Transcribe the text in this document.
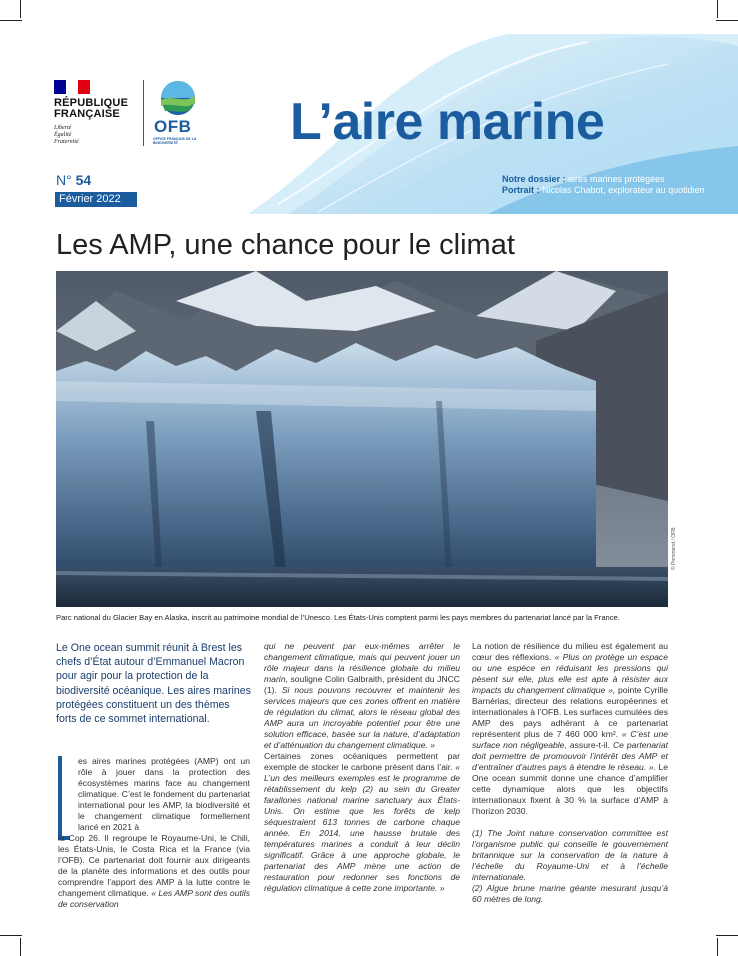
RÉPUBLIQUE FRANÇAISE
Liberté
Égalité
Fraternité
OFB
OFFICE FRANÇAIS DE LA BIODIVERSITÉ	L’aire marine
N° 54
Février 2022
Notre dossier : aires marines protégées
Portrait : Nicolas Chabot, explorateur au quotidien
Les AMP, une chance pour le climat
© Pommeret / OFB
Parc national du Glacier Bay en Alaska, inscrit au patrimoine mondial de l’Unesco. Les États-Unis comptent parmi les pays membres du partenariat lancé par la France.
Le One ocean summit réunit à Brest les chefs d’État autour d’Emmanuel Macron pour agir pour la protection de la biodiversité océanique. Les aires marines protégées constituent un des thèmes forts de ce sommet international.

es aires marines protégées (AMP) ont un rôle à jouer dans la protection des écosystèmes marins face au changement climatique. C’est le fondement du partenariat international pour les AMP, la biodiversité et le changement climatique formellement lancé en 2021 à

la Cop 26. Il regroupe le Royaume-Uni, le Chili, les États-Unis, le Costa Rica et la France (via l’OFB). Ce partenariat doit fournir aux dirigeants de la planète des informations et des outils pour comprendre l’apport des AMP à la lutte contre le changement climatique. « Les AMP sont des outils de conservation

qui ne peuvent par eux-mêmes arrêter le changement climatique, mais qui peuvent jouer un rôle majeur dans la résilience globale du milieu marin, souligne Colin Galbraith, président du JNCC (1). Si nous pouvons recouvrer et maintenir les services majeurs que ces zones offrent en matière de régulation du climat, alors le réseau global des AMP aura un incroyable potentiel pour être une solution efficace, basée sur la nature, d’adaptation et d’atténuation du changement climatique. »

Certaines zones océaniques permettent par exemple de stocker le carbone présent dans l’air. « L’un des meilleurs exemples est le programme de rétablissement du kelp (2) au sein du Greater farallones national marine sanctuary aux États-Unis. On estime que les forêts de kelp séquestraient 613 tonnes de carbone chaque année. En 2014, une hausse brutale des températures marines a conduit à leur déclin significatif. Grâce à une approche globale, le partenariat des AMP mène une action de restauration pour redonner ses fonctions de régulation climatique à cette zone importante. »

La notion de résilience du milieu est également au cœur des réflexions. « Plus on protège un espace ou une espèce en réduisant les pressions qui pèsent sur elle, plus elle est apte à résister aux impacts du changement climatique », pointe Cyrille Barnérias, directeur des relations européennes et internationales à l’OFB. Les surfaces cumulées des AMP des pays adhérant à ce partenariat représentent plus de 7 460 000 km². « C’est une surface non négligeable, assure-t-il. Ce partenariat doit permettre de promouvoir l’intérêt des AMP et d’entraîner d’autres pays à étendre le réseau. ». Le One ocean summit donne une chance d’amplifier cette dynamique alors que les objectifs internationaux fixent à 30 % la surface d’AMP à l’horizon 2030.

(1) The Joint nature conservation committee est l’organisme public qui conseille le gouvernement britannique sur la conservation de la nature à l’échelle du Royaume-Uni et à l’échelle internationale.

(2) Algue brune marine géante mesurant jusqu’à 60 mètres de long.
